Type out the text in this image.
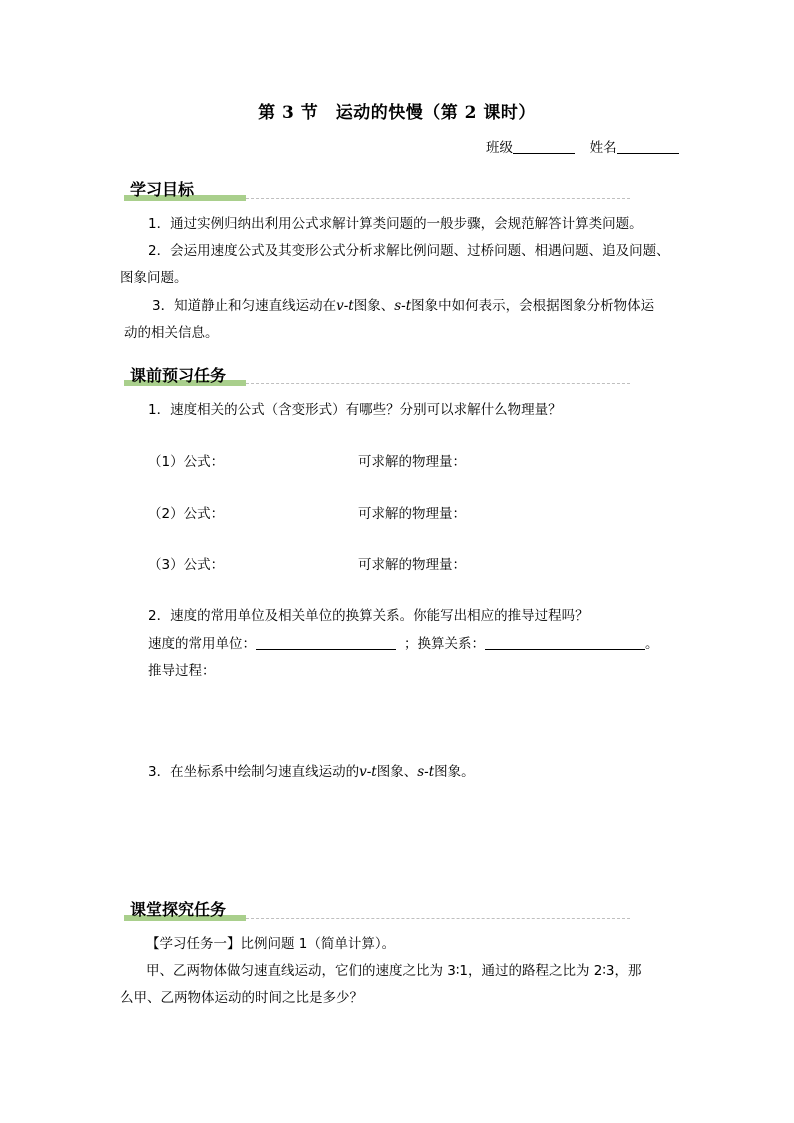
第 3 节　运动的快慢（第 2 课时）
班级	姓名
学习目标
1．通过实例归纳出利用公式求解计算类问题的一般步骤，会规范解答计算类问题。
2．会运用速度公式及其变形公式分析求解比例问题、过桥问题、相遇问题、追及问题、
图象问题。
3．知道静止和匀速直线运动在v-t图象、s-t图象中如何表示，会根据图象分析物体运
动的相关信息。
课前预习任务
1．速度相关的公式（含变形式）有哪些？分别可以求解什么物理量？
（1）公式：	可求解的物理量：
（2）公式：	可求解的物理量：
（3）公式：	可求解的物理量：
2．速度的常用单位及相关单位的换算关系。你能写出相应的推导过程吗？
速度的常用单位：	；换算关系：	。
推导过程：
3．在坐标系中绘制匀速直线运动的v-t图象、s-t图象。
课堂探究任务
【学习任务一】比例问题 1（简单计算）。
甲、乙两物体做匀速直线运动，它们的速度之比为 3∶1，通过的路程之比为 2∶3，那
么甲、乙两物体运动的时间之比是多少？
